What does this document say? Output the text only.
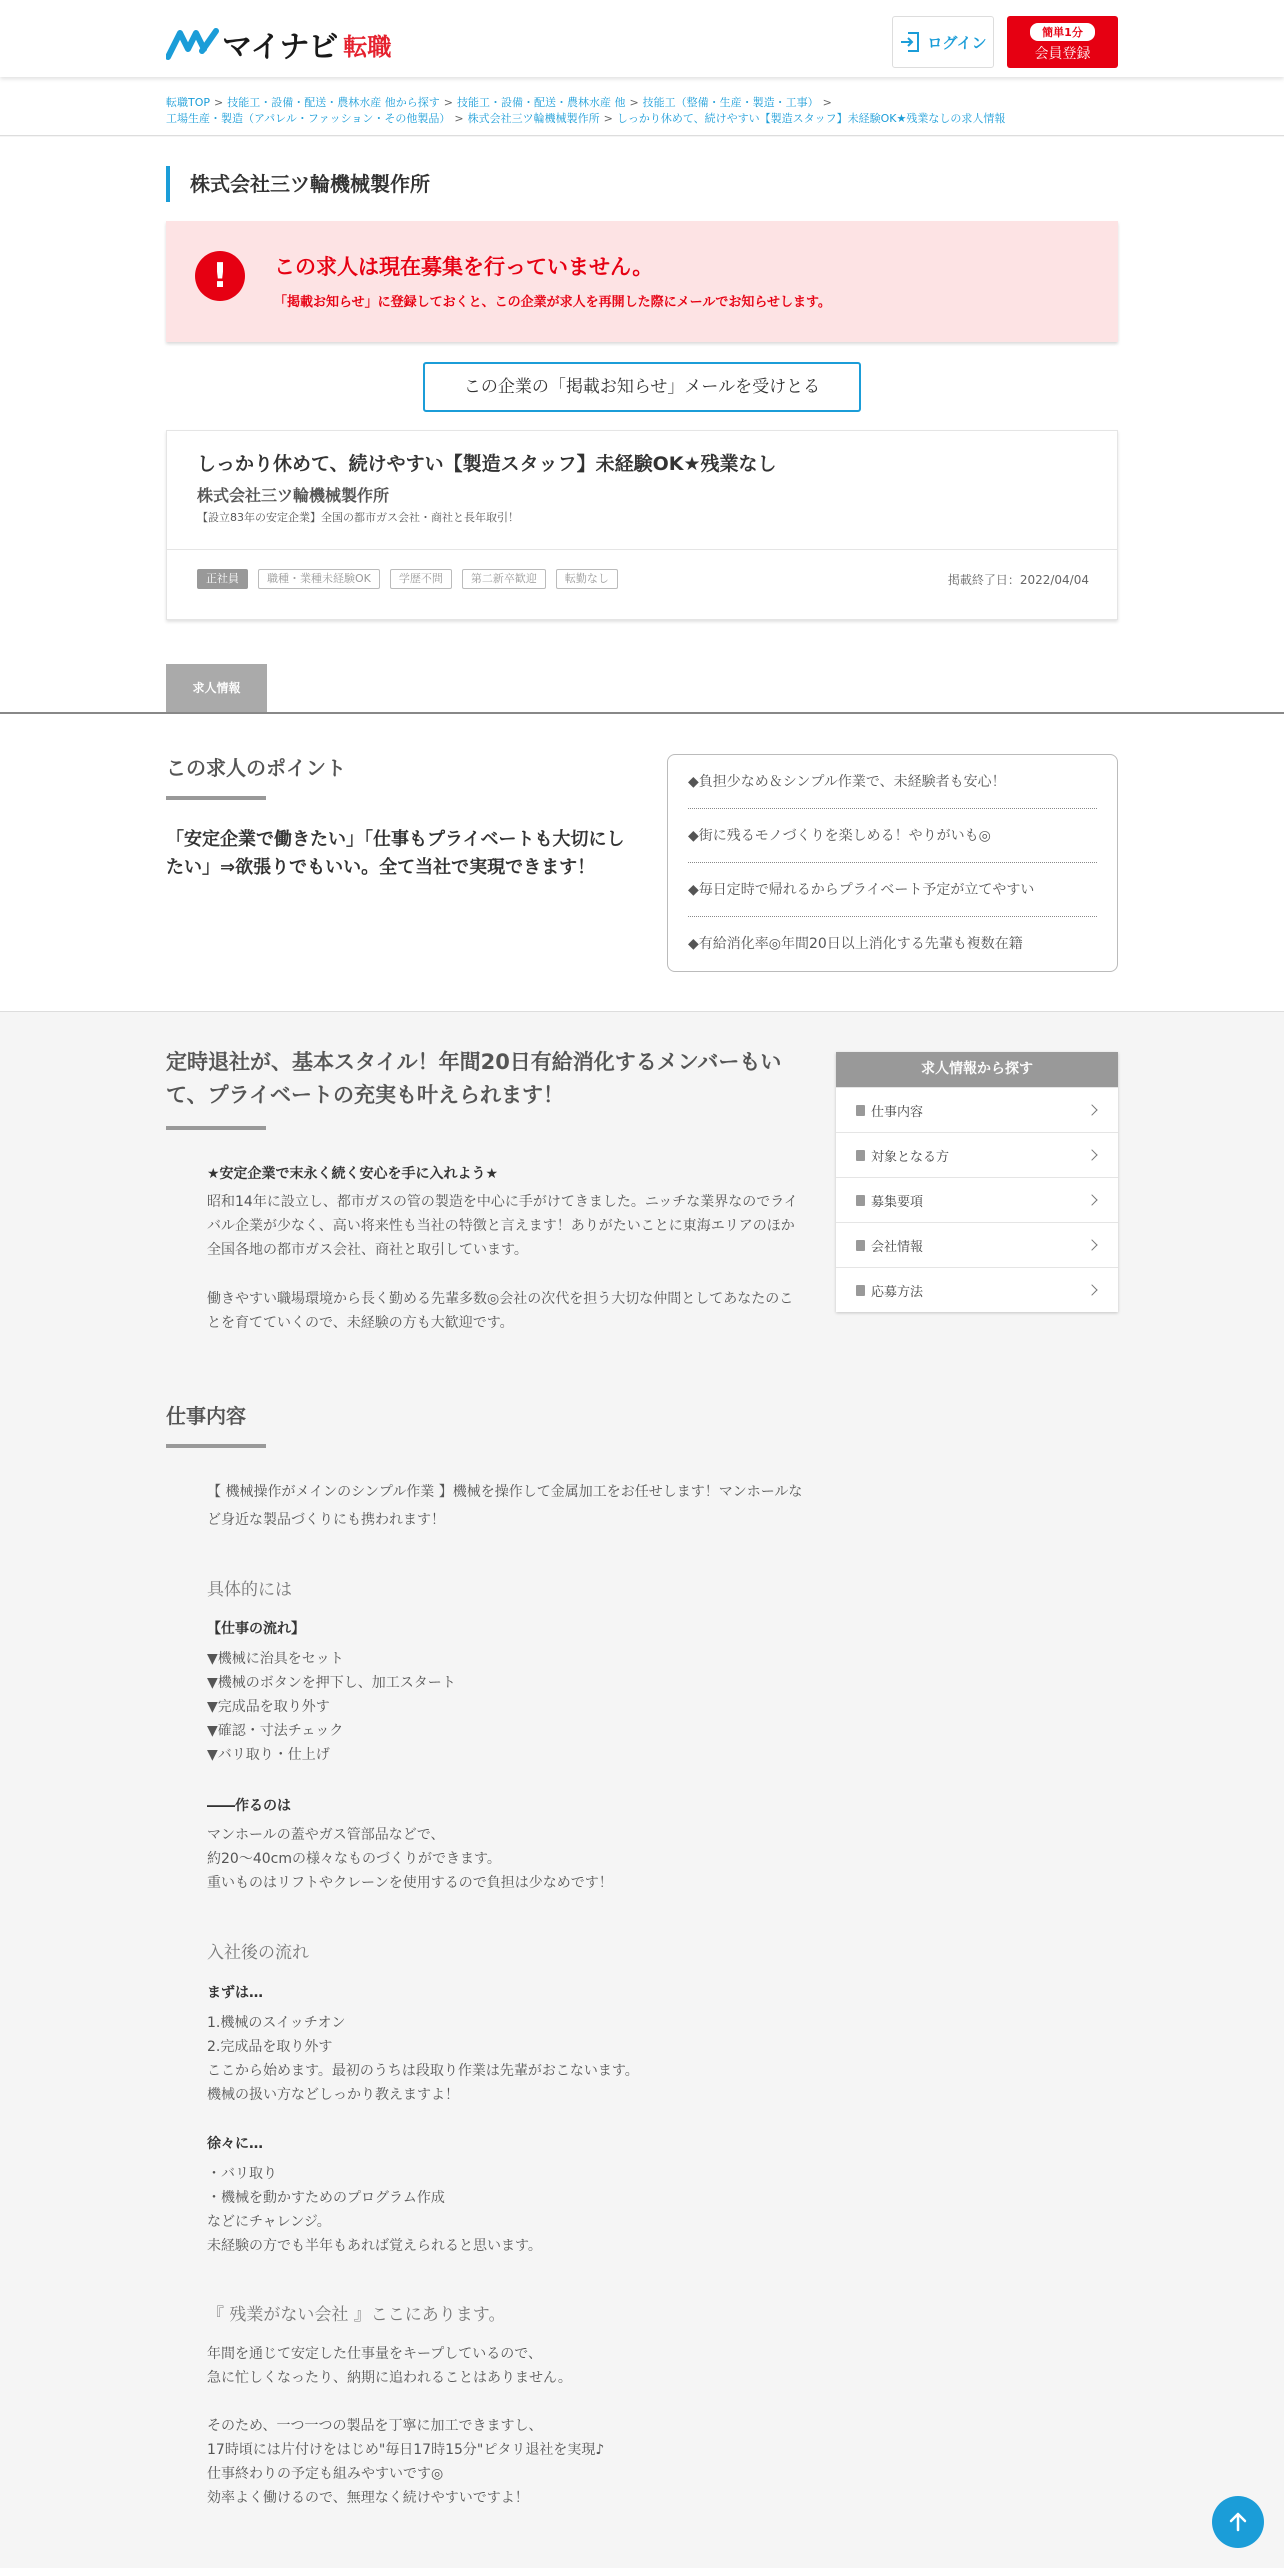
マイナビ 転職	ログイン
簡単1分
会員登録
転職TOP > 技能工・設備・配送・農林水産 他から探す > 技能工・設備・配送・農林水産 他 > 技能工（整備・生産・製造・工事） >工場生産・製造（アパレル・ファッション・その他製品） > 株式会社三ツ輪機械製作所 > しっかり休めて、続けやすい【製造スタッフ】未経験OK★残業なしの求人情報
株式会社三ツ輪機械製作所
!	この求人は現在募集を行っていません。
「掲載お知らせ」に登録しておくと、この企業が求人を再開した際にメールでお知らせします。
この企業の「掲載お知らせ」メールを受けとる
しっかり休めて、続けやすい【製造スタッフ】未経験OK★残業なし
株式会社三ツ輪機械製作所
【設立83年の安定企業】全国の都市ガス会社・商社と長年取引！
正社員	職種・業種未経験OK	学歴不問	第二新卒歓迎	転勤なし	掲載終了日：2022/04/04
求人情報
この求人のポイント
「安定企業で働きたい」「仕事もプライベートも大切にしたい」⇒欲張りでもいい。全て当社で実現できます！
◆負担少なめ＆シンプル作業で、未経験者も安心！
◆街に残るモノづくりを楽しめる！やりがいも◎
◆毎日定時で帰れるからプライベート予定が立てやすい
◆有給消化率◎年間20日以上消化する先輩も複数在籍
定時退社が、基本スタイル！年間20日有給消化するメンバーもいて、プライベートの充実も叶えられます！
★安定企業で末永く続く安心を手に入れよう★
昭和14年に設立し、都市ガスの管の製造を中心に手がけてきました。ニッチな業界なのでライバル企業が少なく、高い将来性も当社の特徴と言えます！ありがたいことに東海エリアのほか全国各地の都市ガス会社、商社と取引しています。
働きやすい職場環境から長く勤める先輩多数◎会社の次代を担う大切な仲間としてあなたのことを育てていくので、未経験の方も大歓迎です。
求人情報から探す
仕事内容
対象となる方
募集要項
会社情報
応募方法
仕事内容
【 機械操作がメインのシンプル作業 】機械を操作して金属加工をお任せします！マンホールなど身近な製品づくりにも携われます！
具体的には
【仕事の流れ】
▼機械に治具をセット
▼機械のボタンを押下し、加工スタート
▼完成品を取り外す
▼確認・寸法チェック
▼バリ取り・仕上げ
――作るのは
マンホールの蓋やガス管部品などで、
約20～40cmの様々なものづくりができます。
重いものはリフトやクレーンを使用するので負担は少なめです！
入社後の流れ
まずは…
1.機械のスイッチオン
2.完成品を取り外す
ここから始めます。最初のうちは段取り作業は先輩がおこないます。
機械の扱い方などしっかり教えますよ！
徐々に…
・バリ取り
・機械を動かすためのプログラム作成
などにチャレンジ。
未経験の方でも半年もあれば覚えられると思います。
『 残業がない会社 』ここにあります。
年間を通じて安定した仕事量をキープしているので、
急に忙しくなったり、納期に追われることはありません。
そのため、一つ一つの製品を丁寧に加工できますし、
17時頃には片付けをはじめ"毎日17時15分"ピタリ退社を実現♪
仕事終わりの予定も組みやすいです◎
効率よく働けるので、無理なく続けやすいですよ！
